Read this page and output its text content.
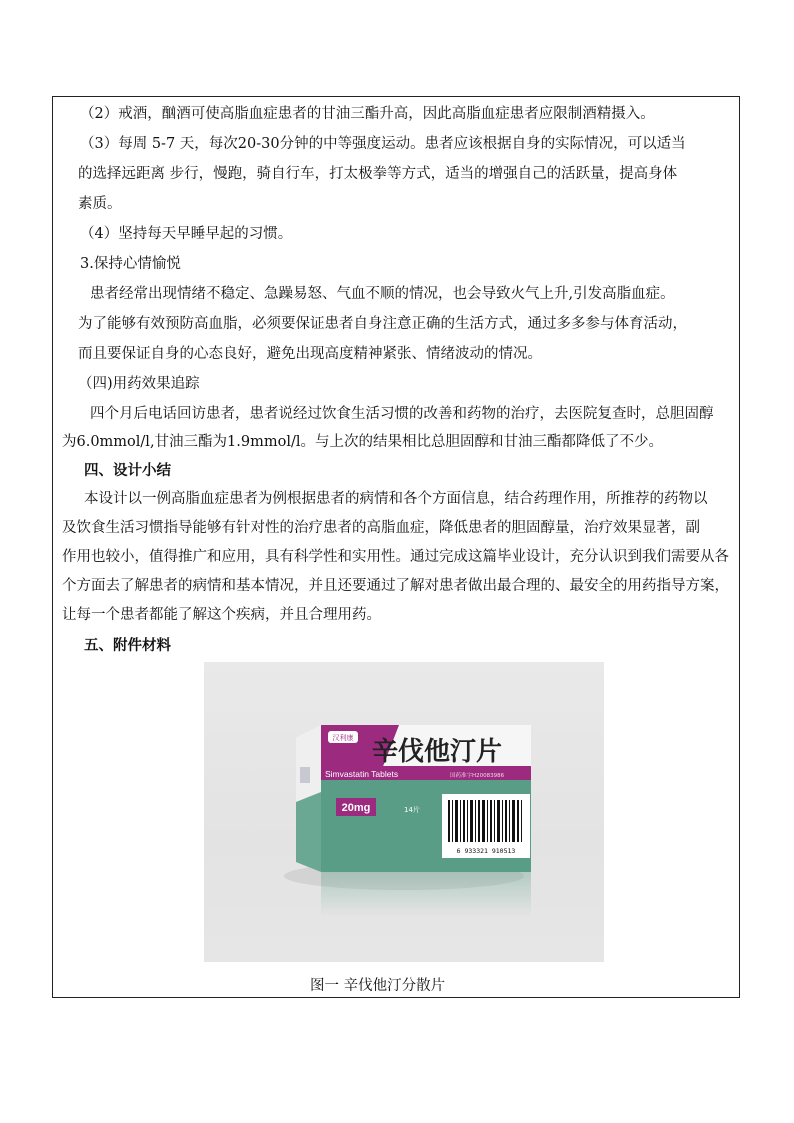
（2）戒酒，酗酒可使高脂血症患者的甘油三酯升高，因此高脂血症患者应限制酒精摄入。
（3）每周 5-7 天，每次20-30分钟的中等强度运动。患者应该根据自身的实际情况，可以适当
的选择远距离 步行，慢跑，骑自行车，打太极拳等方式，适当的增强自己的活跃量，提高身体
素质。
（4）坚持每天早睡早起的习惯。
3.保持心情愉悦
患者经常出现情绪不稳定、急躁易怒、气血不顺的情况，也会导致火气上升,引发高脂血症。
为了能够有效预防高血脂，必须要保证患者自身注意正确的生活方式，通过多多参与体育活动，
而且要保证自身的心态良好，避免出现高度精神紧张、情绪波动的情况。
（四)用药效果追踪
四个月后电话回访患者，患者说经过饮食生活习惯的改善和药物的治疗，去医院复查时，总胆固醇
为6.0mmol/l,甘油三酯为1.9mmol/l。与上次的结果相比总胆固醇和甘油三酯都降低了不少。
四、设计小结
本设计以一例高脂血症患者为例根据患者的病情和各个方面信息，结合药理作用，所推荐的药物以
及饮食生活习惯指导能够有针对性的治疗患者的高脂血症，降低患者的胆固醇量，治疗效果显著，副
作用也较小，值得推广和应用，具有科学性和实用性。通过完成这篇毕业设计，充分认识到我们需要从各
个方面去了解患者的病情和基本情况，并且还要通过了解对患者做出最合理的、最安全的用药指导方案，
让每一个患者都能了解这个疾病，并且合理用药。
五、附件材料
汉利康 辛伐他汀片
Simvastatin Tablets	国药准字H20083986
20mg	14片
6 933321 910513
图一 辛伐他汀分散片
